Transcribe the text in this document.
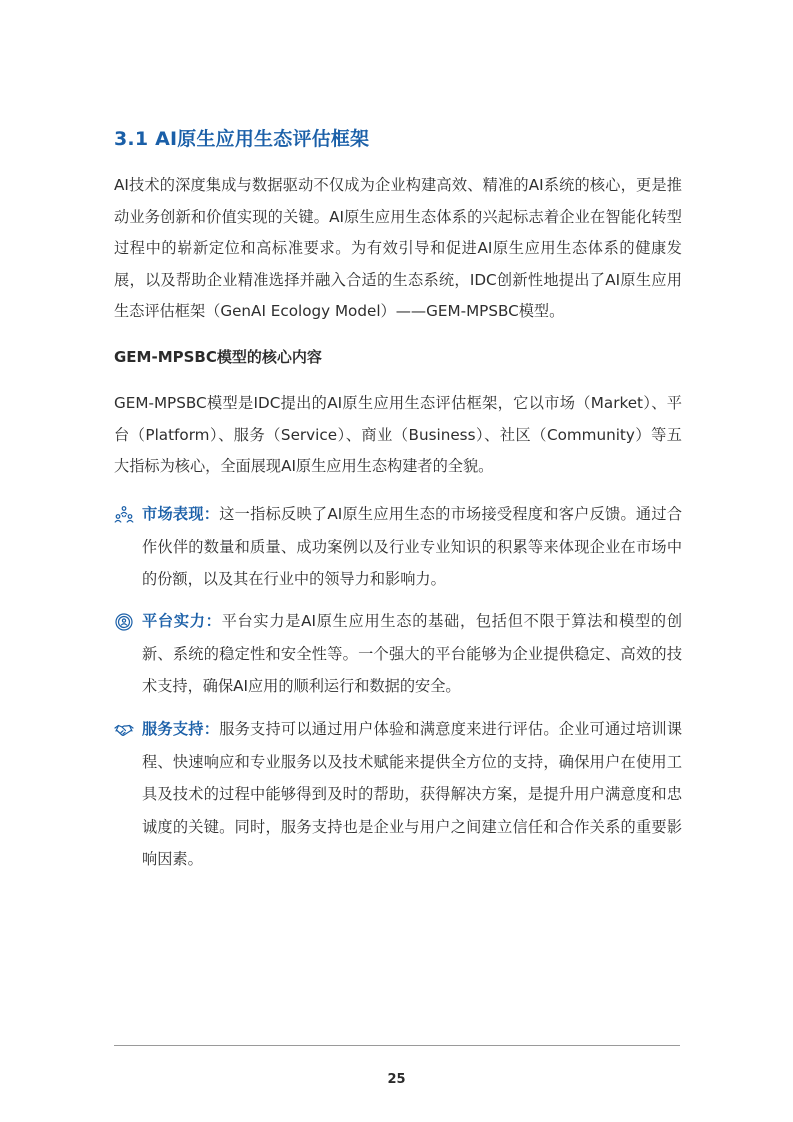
3.1 AI原生应用生态评估框架

AI技术的深度集成与数据驱动不仅成为企业构建高效、精准的AI系统的核心，更是推动业务创新和价值实现的关键。AI原生应用生态体系的兴起标志着企业在智能化转型过程中的崭新定位和高标准要求。为有效引导和促进AI原生应用生态体系的健康发展，以及帮助企业精准选择并融入合适的生态系统，IDC创新性地提出了AI原生应用生态评估框架（GenAI Ecology Model）——GEM-MPSBC模型。

GEM-MPSBC模型的核心内容

GEM-MPSBC模型是IDC提出的AI原生应用生态评估框架，它以市场（Market）、平台（Platform）、服务（Service）、商业（Business）、社区（Community）等五大指标为核心，全面展现AI原生应用生态构建者的全貌。

市场表现：这一指标反映了AI原生应用生态的市场接受程度和客户反馈。通过合作伙伴的数量和质量、成功案例以及行业专业知识的积累等来体现企业在市场中的份额，以及其在行业中的领导力和影响力。

平台实力：平台实力是AI原生应用生态的基础，包括但不限于算法和模型的创新、系统的稳定性和安全性等。一个强大的平台能够为企业提供稳定、高效的技术支持，确保AI应用的顺利运行和数据的安全。

服务支持：服务支持可以通过用户体验和满意度来进行评估。企业可通过培训课程、快速响应和专业服务以及技术赋能来提供全方位的支持，确保用户在使用工具及技术的过程中能够得到及时的帮助，获得解决方案，是提升用户满意度和忠诚度的关键。同时，服务支持也是企业与用户之间建立信任和合作关系的重要影响因素。

25
